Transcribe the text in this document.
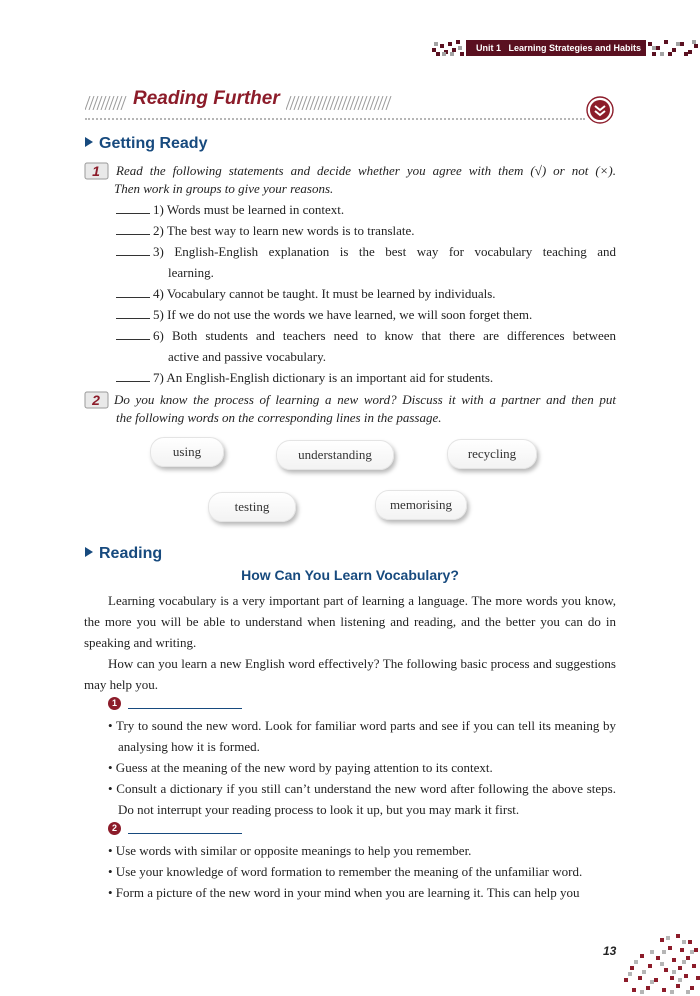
Unit 1 Learning Strategies and Habits
Reading Further
Getting Ready
1 Read the following statements and decide whether you agree with them (√) or not (×).
Then work in groups to give your reasons.
1) Words must be learned in context.
2) The best way to learn new words is to translate.
3) English-English explanation is the best way for vocabulary teaching and
learning.
4) Vocabulary cannot be taught. It must be learned by individuals.
5) If we do not use the words we have learned, we will soon forget them.
6) Both students and teachers need to know that there are differences between
active and passive vocabulary.
7) An English-English dictionary is an important aid for students.
2 Do you know the process of learning a new word? Discuss it with a partner and then put
the following words on the corresponding lines in the passage.
using	understanding	recycling
testing	memorising
Reading
How Can You Learn Vocabulary?

Learning vocabulary is a very important part of learning a language. The more words you know, the more you will be able to understand when listening and reading, and the better you can do in speaking and writing.

How can you learn a new English word effectively? The following basic process and suggestions may help you.

1
• Try to sound the new word. Look for familiar word parts and see if you can tell its meaning by analysing how it is formed.
• Guess at the meaning of the new word by paying attention to its context.
• Consult a dictionary if you still can’t understand the new word after following the above steps. Do not interrupt your reading process to look it up, but you may mark it first.
2
• Use words with similar or opposite meanings to help you remember.
• Use your knowledge of word formation to remember the meaning of the unfamiliar word.
• Form a picture of the new word in your mind when you are learning it. This can help you
13
